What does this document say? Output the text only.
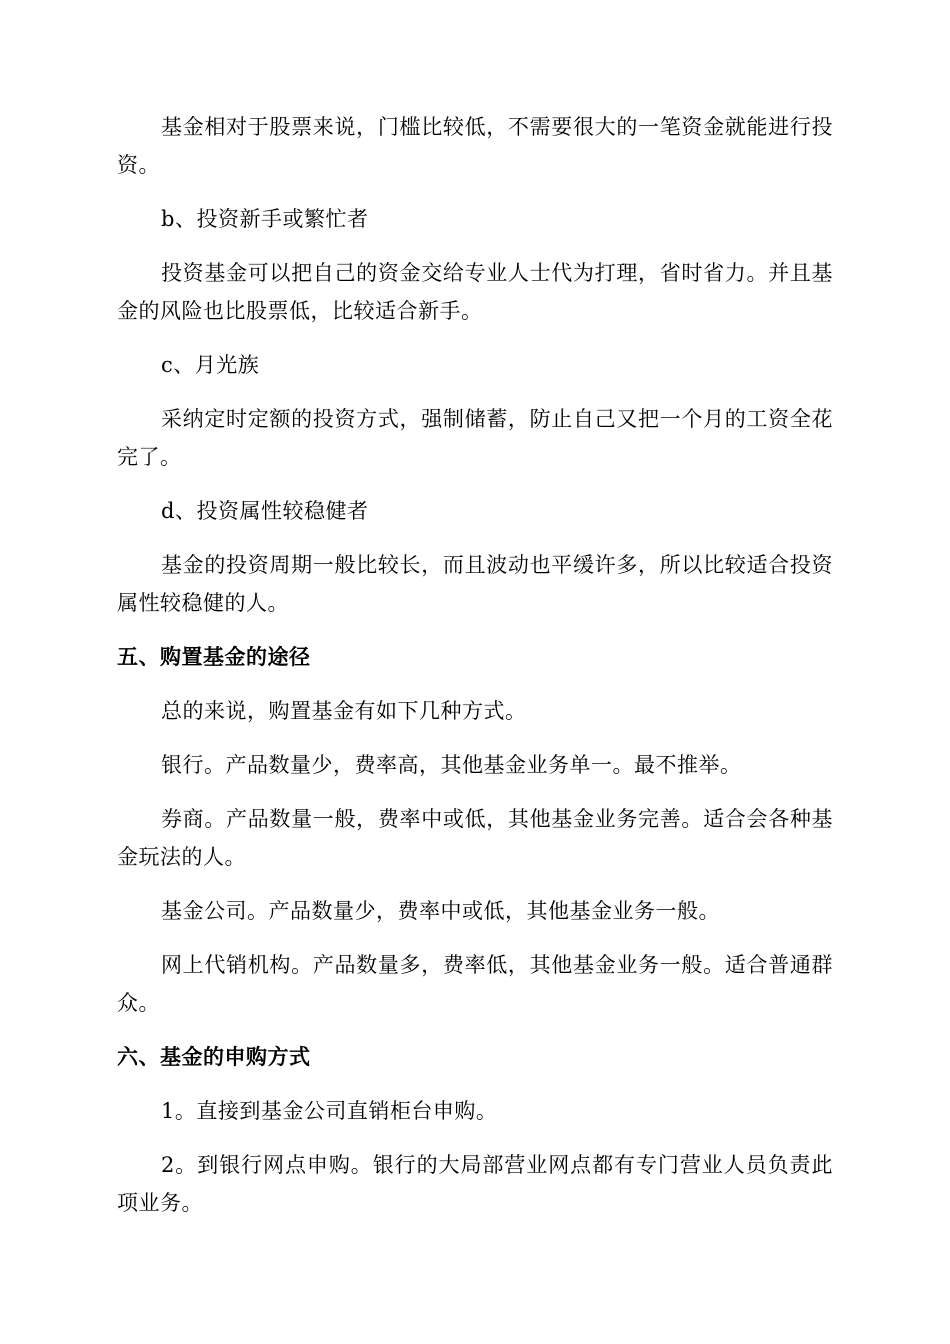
基金相对于股票来说，门槛比较低，不需要很大的一笔资金就能进行投资。

b、投资新手或繁忙者

投资基金可以把自己的资金交给专业人士代为打理，省时省力。并且基金的风险也比股票低，比较适合新手。

c、月光族

采纳定时定额的投资方式，强制储蓄，防止自己又把一个月的工资全花完了。

d、投资属性较稳健者

基金的投资周期一般比较长，而且波动也平缓许多，所以比较适合投资属性较稳健的人。

五、购置基金的途径

总的来说，购置基金有如下几种方式。

银行。产品数量少，费率高，其他基金业务单一。最不推举。

券商。产品数量一般，费率中或低，其他基金业务完善。适合会各种基金玩法的人。

基金公司。产品数量少，费率中或低，其他基金业务一般。

网上代销机构。产品数量多，费率低，其他基金业务一般。适合普通群众。

六、基金的申购方式

1。直接到基金公司直销柜台申购。

2。到银行网点申购。银行的大局部营业网点都有专门营业人员负责此项业务。
